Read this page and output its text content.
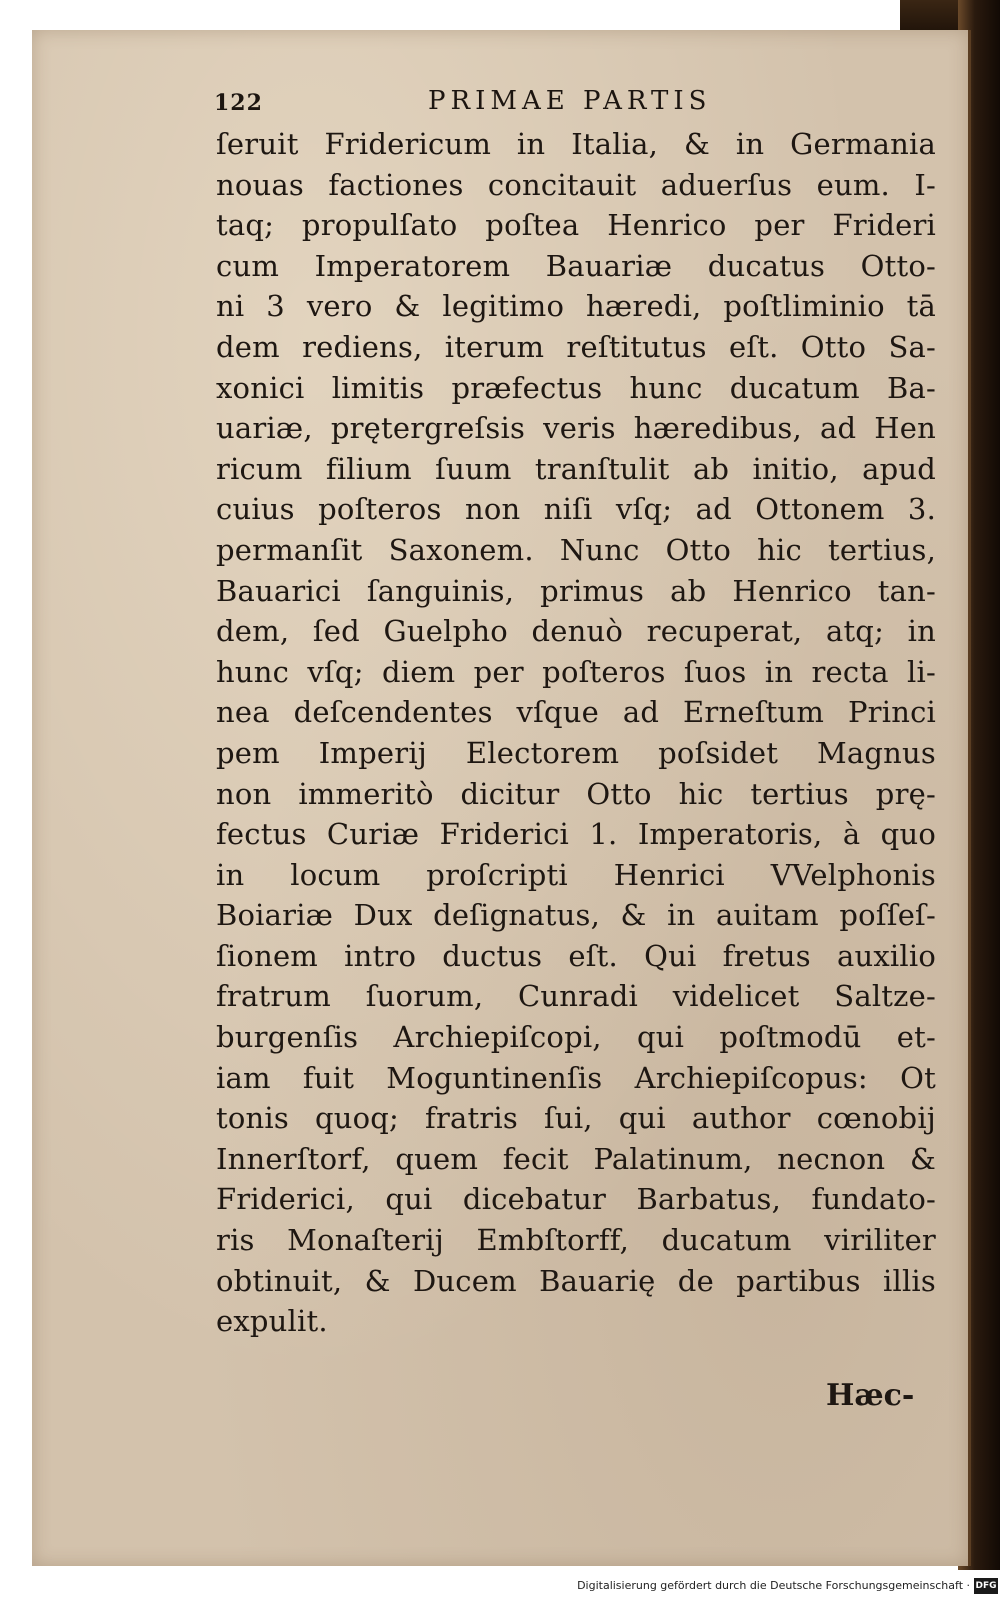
122	PRIMAE PARTIS
ſeruit Fridericum in Italia, & in Germania
nouas factiones concitauit aduerſus eum. I-
taq; propulſato poſtea Henrico per Frideri
cum Imperatorem Bauariæ ducatus Otto-
ni 3 vero & legitimo hæredi, poſtliminio tā
dem rediens, iterum reſtitutus eſt. Otto Sa-
xonici limitis præfectus hunc ducatum Ba-
uariæ, prętergreſsis veris hæredibus, ad Hen
ricum filium ſuum tranſtulit ab initio, apud
cuius poſteros non niſi vſq; ad Ottonem 3.
permanſit Saxonem. Nunc Otto hic tertius,
Bauarici ſanguinis, primus ab Henrico tan-
dem, ſed Guelpho denuò recuperat, atq; in
hunc vſq; diem per poſteros ſuos in recta li-
nea deſcendentes vſque ad Erneſtum Princi
pem Imperij Electorem poſsidet Magnus
non immeritò dicitur Otto hic tertius prę-
fectus Curiæ Friderici 1. Imperatoris, à quo
in locum proſcripti Henrici VVelphonis
Boiariæ Dux deſignatus, & in auitam poſſeſ-
ſionem intro ductus eſt. Qui fretus auxilio
fratrum ſuorum, Cunradi videlicet Saltze-
burgenſis Archiepiſcopi, qui poſtmodū et-
iam fuit Moguntinenſis Archiepiſcopus: Ot
tonis quoq; fratris ſui, qui author cœnobij
Innerſtorf, quem fecit Palatinum, necnon &
Friderici, qui dicebatur Barbatus, fundato-
ris Monaſterij Embſtorff, ducatum viriliter
obtinuit, & Ducem Bauarię de partibus illis
expulit.
Hæc-
Digitalisierung gefördert durch die Deutsche Forschungsgemeinschaft · DFG
